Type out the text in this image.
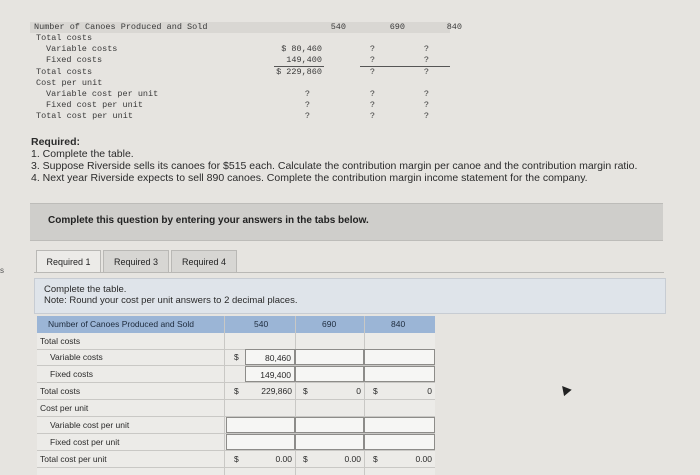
Number of Canoes Produced and Sold	540	690	840
Total costs
Variable costs	$ 80,460	?	?
Fixed costs	149,400	?	?
Total costs	$ 229,860	?	?
Cost per unit
Variable cost per unit	?	?	?
Fixed cost per unit	?	?	?
Total cost per unit	?	?	?
Required:
1. Complete the table.
3. Suppose Riverside sells its canoes for $515 each. Calculate the contribution margin per canoe and the contribution margin ratio.
4. Next year Riverside expects to sell 890 canoes. Complete the contribution margin income statement for the company.
s
Complete this question by entering your answers in the tabs below.
Required 1	Required 3	Required 4
Complete the table.
Note: Round your cost per unit answers to 2 decimal places.
Number of Canoes Produced and Sold	540	690	840
Total costs
Variable costs	$	80,460
Fixed costs	149,400
Total costs	$	229,860	$	0	$	0
Cost per unit
Variable cost per unit
Fixed cost per unit
Total cost per unit	$	0.00	$	0.00	$	0.00
